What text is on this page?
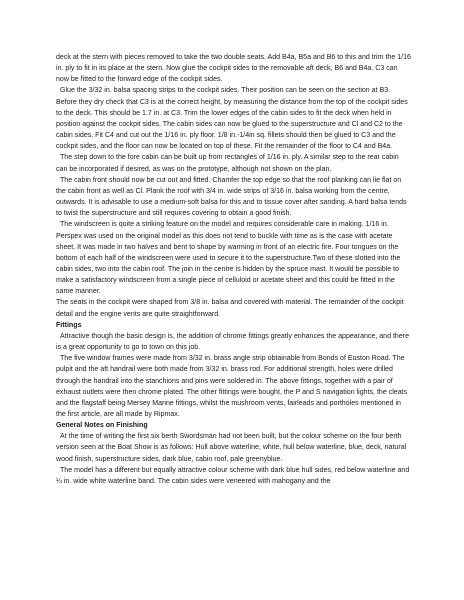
deck at the stern with pieces removed to take the two double seats. Add B4a, B5a and B6 to this and trim the 1/16 in. ply to fit in its place at the stern. Now glue the cockpit sides to the removable aft deck, B6 and B4a. C3 can now be fitted to the forward edge of the cockpit sides.

Glue the 3/32 in. balsa spacing strips to the cockpit sides. Their position can be seen on the section at B3. Before they dry check that C3 is at the correct height, by measuring the distance from the top of the cockpit sides to the deck. This should be 1.7 in. at C3. Trim the lower edges of the cabin sides to fit the deck when held in position against the cockpit sides. The cabin sides can now be glued to the superstructure and Cl and C2 to the cabin sides. Fit C4 and cut out the 1/16 in. ply floor. 1/8 in.-1/4in sq. fillets should then be glued to C3 and the cockpit sides, and the floor can now be located on top of these. Fit the remainder of the floor to C4 and B4a.

The step down to the fore cabin can be built up from rectangles of 1/16 in. ply. A similar step to the rear cabin can be incorporated if desired, as was on the prototype, although not shown on the plan.

The cabin front should now be cut out and fitted. Chamfer the top edge so that the roof planking can lie flat on the cabin front as well as Cl. Plank the roof with 3/4 in. wide strips of 3/16 in. balsa working from the centre, outwards. It is advisable to use a medium-soft balsa for this and to tissue cover after sanding. A hard balsa tends to twist the superstructure and still requires covering to obtain a good finish.

The windscreen is quite a striking feature on the model and requires considerable care in making. 1/16 in. Perspex was used on the original model as this does not tend to buckle with time as is the case with acetate sheet. It was made in two halves and bent to shape by warming in front of an electric fire. Four tongues on the bottom of each half of the windscreen were used to secure it to the superstructure.Two of these slotted into the cabin sides, two into the cabin roof. The join in the centre is hidden by the spruce mast. It would be possible to make a satisfactory windscreen from a single piece of celluloid or acetate sheet and this could be fitted in the same manner.

The seats in the cockpit were shaped from 3/8 in. balsa and covered with material. The remainder of the cockpit detail and the engine vents are quite straightforward.

Fittings

Attractive though the basic design is, the addition of chrome fittings greatly enhances the appearance, and there is a great opportunity to go to town on this job.

The five window frames were made from 3/32 in. brass angle strip obtainable from Bonds of Euston Road. The pulpit and the aft handrail were both made from 3/32 in. brass rod. For additional strength, holes were drilled through the handrail into the stanchions and pins were soldered in. The above fittings, together with a pair of exhaust outlets were then chrome plated. The other fittings were bought, the P and S navigation lights, the cleats and the flagstaff being Mersey Marine fittings, whilst the mushroom vents, fairleads and portholes mentioned in the first article, are all made by Ripmax.

General Notes on Finishing

At the time of writing the first six berth Swordsman had not been built, but the colour scheme on the four berth version seen at the Boat Show is as follows: Hull above waterline, white, hull below waterline, blue, deck, natural wood finish, superstructure sides, dark blue, cabin roof, pale greenyblue.

The model has a different but equally attractive colour scheme with dark blue hull sides, red below waterline and ¼ in. wide white waterline band. The cabin sides were veneered with mahogany and the
